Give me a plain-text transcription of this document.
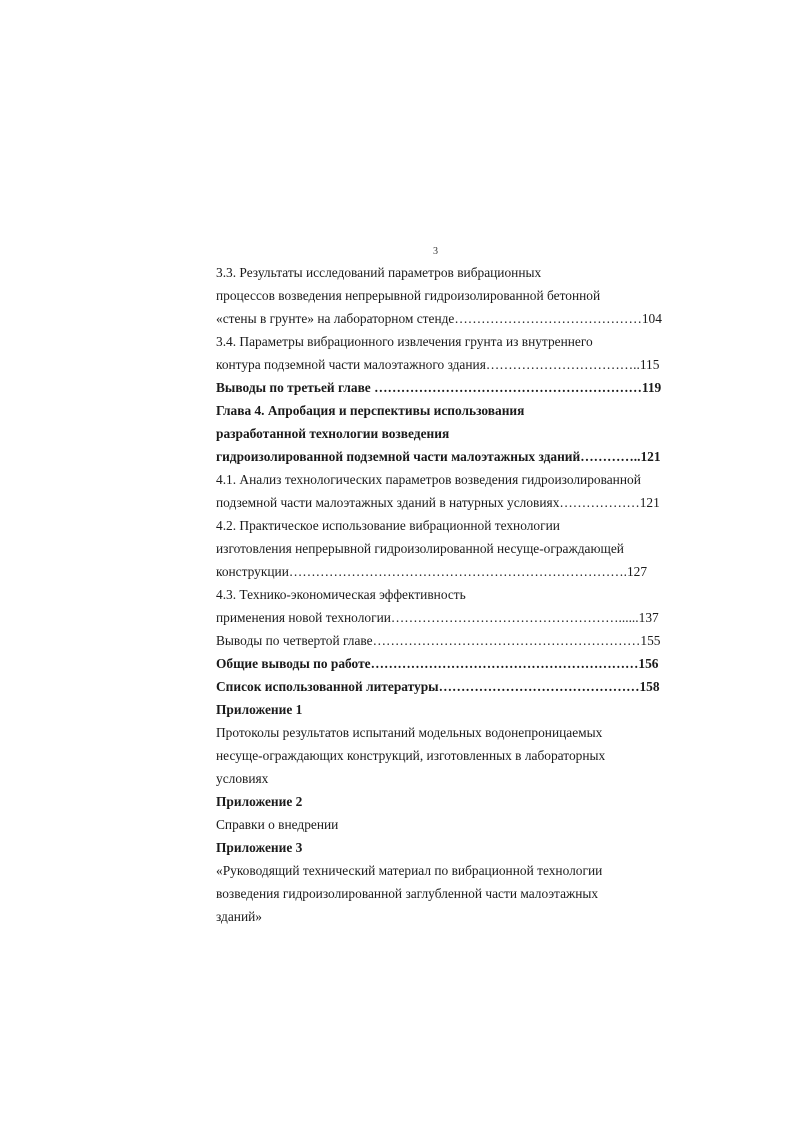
3
3.3. Результаты исследований параметров вибрационных
процессов возведения непрерывной гидроизолированной бетонной
«стены в грунте» на лабораторном стенде……………………………………104
3.4. Параметры вибрационного извлечения грунта из внутреннего
контура подземной части малоэтажного здания……………………………..115
Выводы по третьей главе ……………………………………………………119
Глава 4. Апробация и перспективы использования
разработанной технологии возведения
гидроизолированной подземной части малоэтажных зданий…………..121
4.1. Анализ технологических параметров возведения гидроизолированной
подземной части малоэтажных зданий в натурных условиях………………121
4.2. Практическое использование вибрационной технологии
изготовления непрерывной гидроизолированной несуще-ограждающей
конструкции………………………………………………………………….127
4.3. Технико-экономическая эффективность
применения новой технологии……………………………………………......137
Выводы по четвертой главе……………………………………………………155
Общие выводы по работе……………………………………………………156
Список использованной литературы………………………………………158
Приложение 1
Протоколы результатов испытаний модельных водонепроницаемых
несуще-ограждающих конструкций, изготовленных в лабораторных
условиях
Приложение 2
Справки о внедрении
Приложение 3
«Руководящий технический материал по вибрационной технологии
возведения гидроизолированной заглубленной части малоэтажных
зданий»
